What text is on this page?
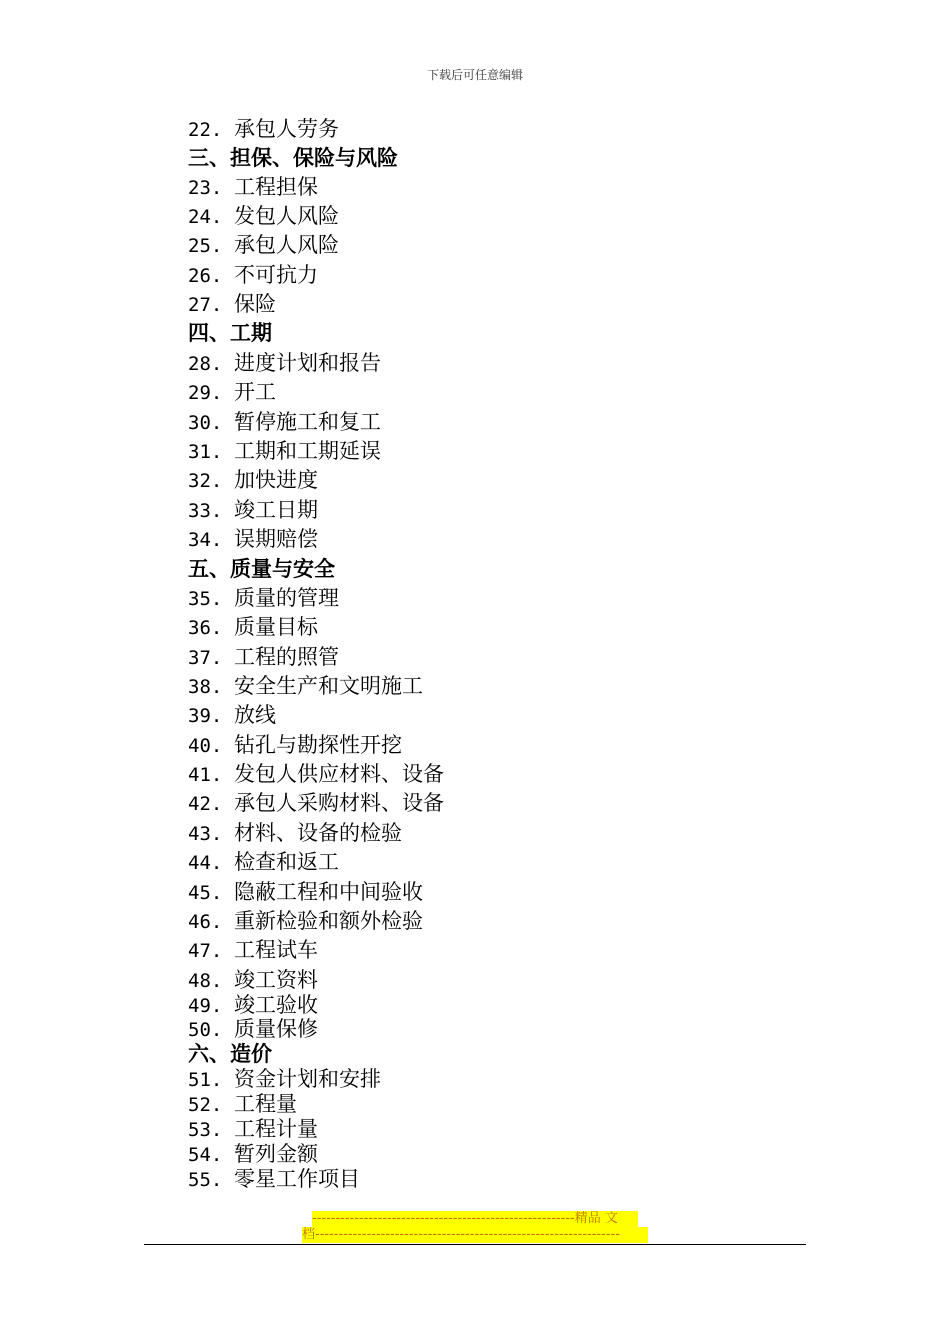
下载后可任意编辑
22. 承包人劳务
三、担保、保险与风险
23. 工程担保
24. 发包人风险
25. 承包人风险
26. 不可抗力
27. 保险
四、工期
28. 进度计划和报告
29. 开工
30. 暂停施工和复工
31. 工期和工期延误
32. 加快进度
33. 竣工日期
34. 误期赔偿
五、质量与安全
35. 质量的管理
36. 质量目标
37. 工程的照管
38. 安全生产和文明施工
39. 放线
40. 钻孔与勘探性开挖
41. 发包人供应材料、设备
42. 承包人采购材料、设备
43. 材料、设备的检验
44. 检查和返工
45. 隐蔽工程和中间验收
46. 重新检验和额外检验
47. 工程试车
48. 竣工资料
49. 竣工验收
50. 质量保修
六、造价
51. 资金计划和安排
52. 工程量
53. 工程计量
54. 暂列金额
55. 零星工作项目
--------------------------------------------------------精品 文
档-----------------------------------------------------------------
